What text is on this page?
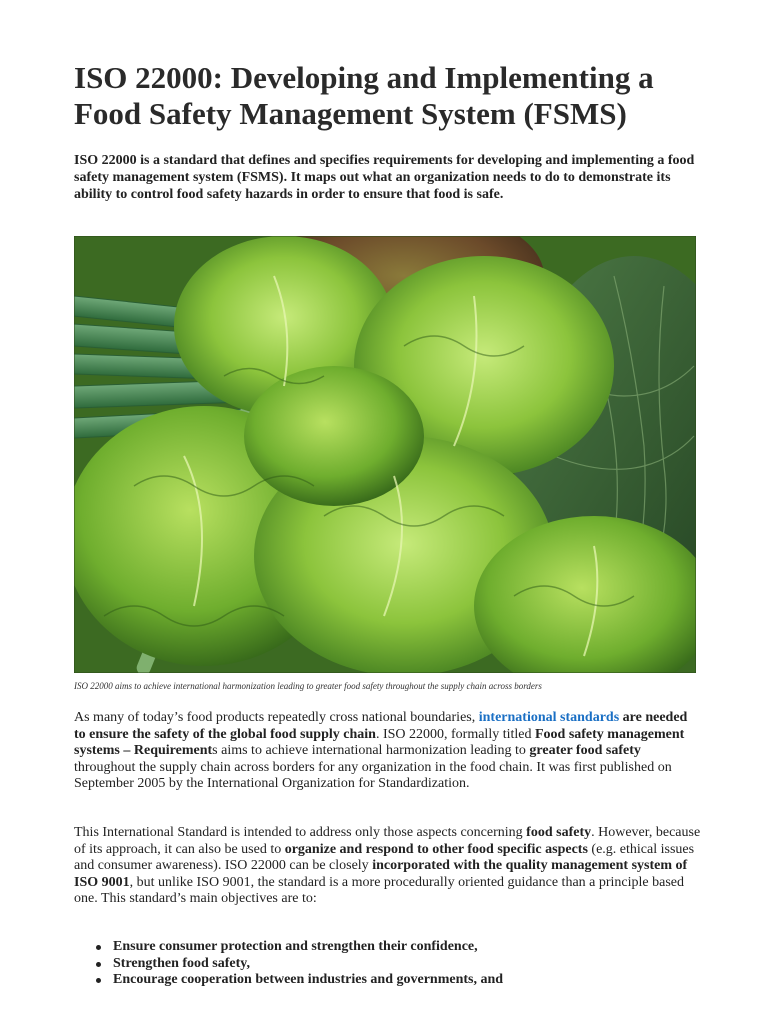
ISO 22000: Developing and Implementing a Food Safety Management System (FSMS)

ISO 22000 is a standard that defines and specifies requirements for developing and implementing a food safety management system (FSMS). It maps out what an organization needs to do to demonstrate its ability to control food safety hazards in order to ensure that food is safe.

ISO 22000 aims to achieve international harmonization leading to greater food safety throughout the supply chain across borders

As many of today’s food products repeatedly cross national boundaries, international standards are needed to ensure the safety of the global food supply chain. ISO 22000, formally titled Food safety management systems – Requirements aims to achieve international harmonization leading to greater food safety throughout the supply chain across borders for any organization in the food chain. It was first published on September 2005 by the International Organization for Standardization.

This International Standard is intended to address only those aspects concerning food safety. However, because of its approach, it can also be used to organize and respond to other food specific aspects (e.g. ethical issues and consumer awareness). ISO 22000 can be closely incorporated with the quality management system of ISO 9001, but unlike ISO 9001, the standard is a more procedurally oriented guidance than a principle based one. This standard’s main objectives are to:

Ensure consumer protection and strengthen their confidence,
Strengthen food safety,
Encourage cooperation between industries and governments, and
